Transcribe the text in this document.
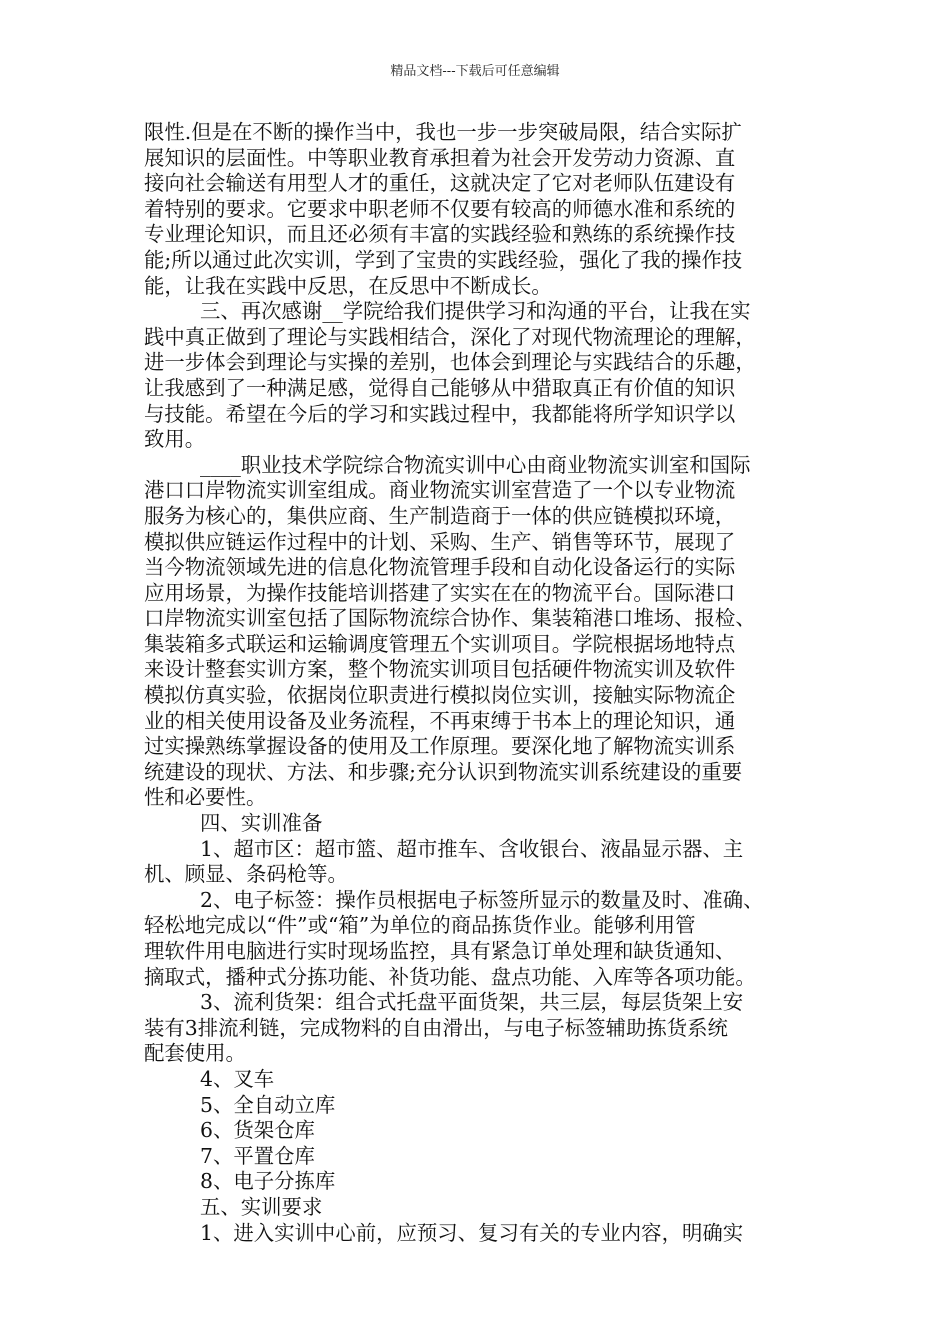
精品文档---下载后可任意编辑
限性.但是在不断的操作当中，我也一步一步突破局限，结合实际扩
展知识的层面性。中等职业教育承担着为社会开发劳动力资源、直
接向社会输送有用型人才的重任，这就决定了它对老师队伍建设有
着特别的要求。它要求中职老师不仅要有较高的师德水准和系统的
专业理论知识，而且还必须有丰富的实践经验和熟练的系统操作技
能;所以通过此次实训，学到了宝贵的实践经验，强化了我的操作技
能，让我在实践中反思，在反思中不断成长。
三、再次感谢__学院给我们提供学习和沟通的平台，让我在实
践中真正做到了理论与实践相结合，深化了对现代物流理论的理解，
进一步体会到理论与实操的差别，也体会到理论与实践结合的乐趣，
让我感到了一种满足感，觉得自己能够从中猎取真正有价值的知识
与技能。希望在今后的学习和实践过程中，我都能将所学知识学以
致用。
____职业技术学院综合物流实训中心由商业物流实训室和国际
港口口岸物流实训室组成。商业物流实训室营造了一个以专业物流
服务为核心的，集供应商、生产制造商于一体的供应链模拟环境，
模拟供应链运作过程中的计划、采购、生产、销售等环节，展现了
当今物流领域先进的信息化物流管理手段和自动化设备运行的实际
应用场景，为操作技能培训搭建了实实在在的物流平台。国际港口
口岸物流实训室包括了国际物流综合协作、集装箱港口堆场、报检、
集装箱多式联运和运输调度管理五个实训项目。学院根据场地特点
来设计整套实训方案，整个物流实训项目包括硬件物流实训及软件
模拟仿真实验，依据岗位职责进行模拟岗位实训，接触实际物流企
业的相关使用设备及业务流程，不再束缚于书本上的理论知识，通
过实操熟练掌握设备的使用及工作原理。要深化地了解物流实训系
统建设的现状、方法、和步骤;充分认识到物流实训系统建设的重要
性和必要性。
四、实训准备
1、超市区：超市篮、超市推车、含收银台、液晶显示器、主
机、顾显、条码枪等。
2、电子标签：操作员根据电子标签所显示的数量及时、准确、
轻松地完成以“件”或“箱”为单位的商品拣货作业。能够利用管
理软件用电脑进行实时现场监控，具有紧急订单处理和缺货通知、
摘取式，播种式分拣功能、补货功能、盘点功能、入库等各项功能。
3、流利货架：组合式托盘平面货架，共三层，每层货架上安
装有3排流利链，完成物料的自由滑出，与电子标签辅助拣货系统
配套使用。
4、叉车
5、全自动立库
6、货架仓库
7、平置仓库
8、电子分拣库
五、实训要求
1、进入实训中心前，应预习、复习有关的专业内容，明确实
